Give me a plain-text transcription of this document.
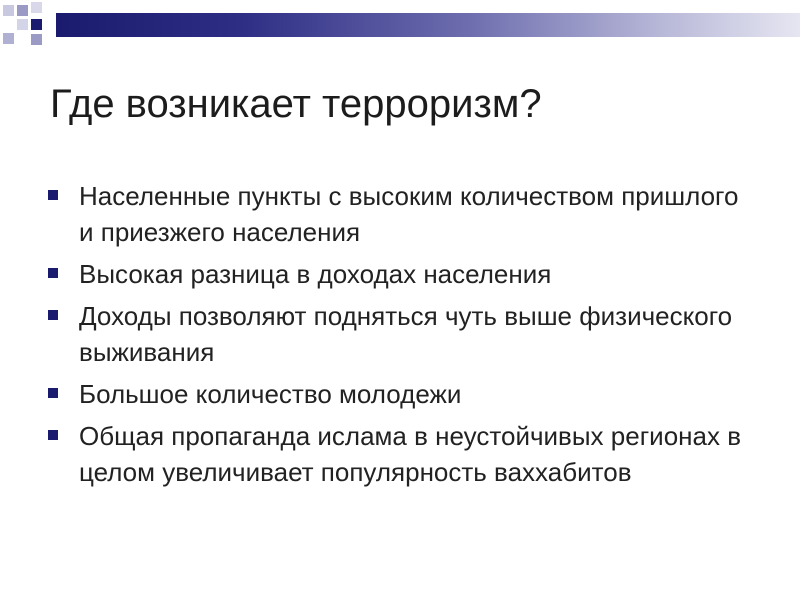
Где возникает терроризм?
Населенные пункты с высоким количеством пришлого и приезжего населения
Высокая разница в доходах населения
Доходы позволяют подняться чуть выше физического выживания
Большое количество молодежи
Общая пропаганда ислама в неустойчивых регионах в целом увеличивает популярность ваххабитов
